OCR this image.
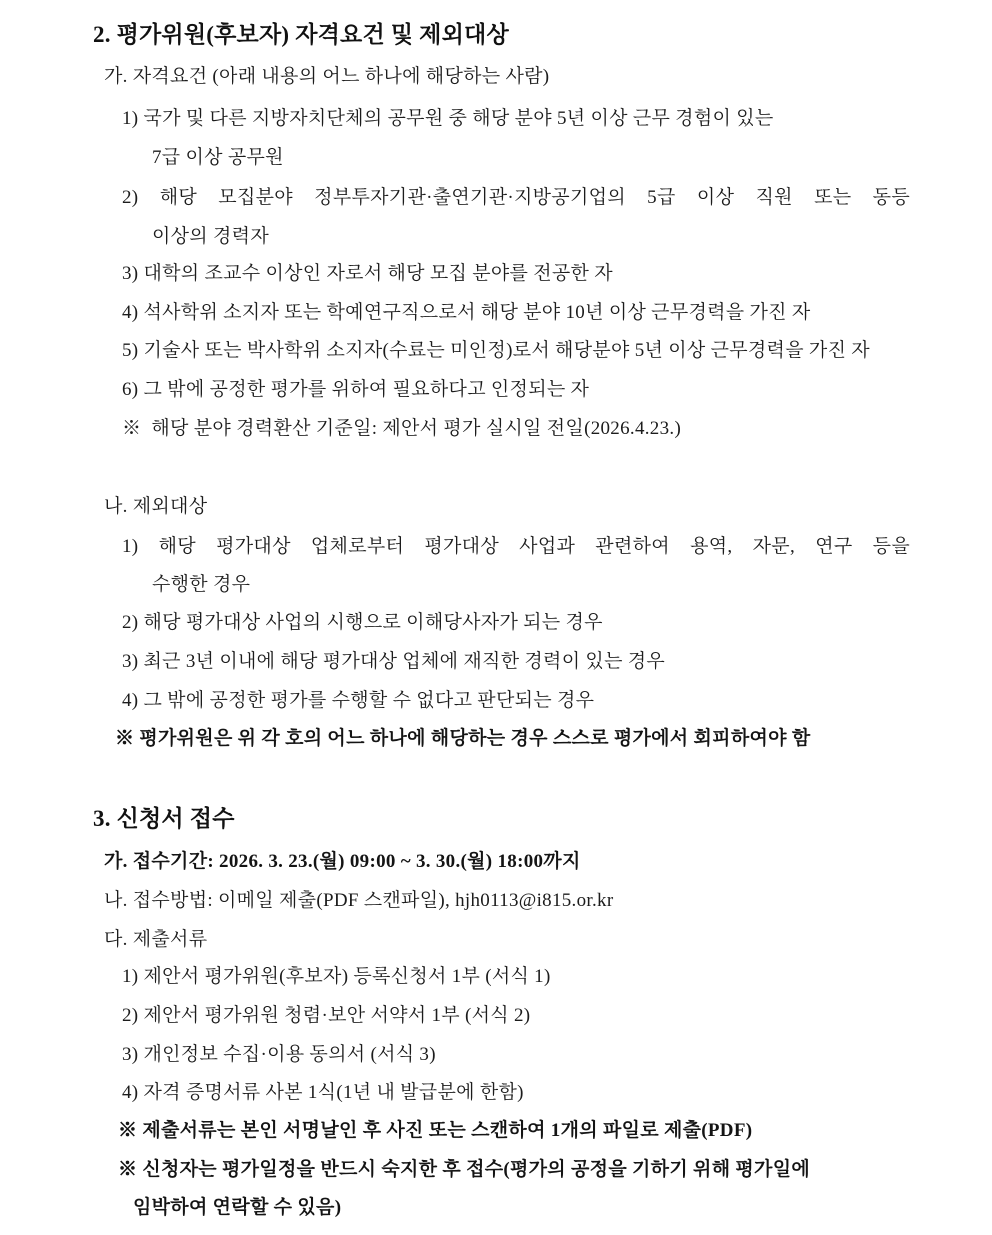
2. 평가위원(후보자) 자격요건 및 제외대상
가. 자격요건 (아래 내용의 어느 하나에 해당하는 사람)
1) 국가 및 다른 지방자치단체의 공무원 중 해당 분야 5년 이상 근무 경험이 있는
7급 이상 공무원
2) 해당 모집분야 정부투자기관·출연기관·지방공기업의 5급 이상 직원 또는 동등
이상의 경력자
3) 대학의 조교수 이상인 자로서 해당 모집 분야를 전공한 자
4) 석사학위 소지자 또는 학예연구직으로서 해당 분야 10년 이상 근무경력을 가진 자
5) 기술사 또는 박사학위 소지자(수료는 미인정)로서 해당분야 5년 이상 근무경력을 가진 자
6) 그 밖에 공정한 평가를 위하여 필요하다고 인정되는 자
※  해당 분야 경력환산 기준일: 제안서 평가 실시일 전일(2026.4.23.)
나. 제외대상
1) 해당 평가대상 업체로부터 평가대상 사업과 관련하여 용역, 자문, 연구 등을
수행한 경우
2) 해당 평가대상 사업의 시행으로 이해당사자가 되는 경우
3) 최근 3년 이내에 해당 평가대상 업체에 재직한 경력이 있는 경우
4) 그 밖에 공정한 평가를 수행할 수 없다고 판단되는 경우
※ 평가위원은 위 각 호의 어느 하나에 해당하는 경우 스스로 평가에서 회피하여야 함
3. 신청서 접수
가. 접수기간: 2026. 3. 23.(월) 09:00 ~ 3. 30.(월) 18:00까지
나. 접수방법: 이메일 제출(PDF 스캔파일), hjh0113@i815.or.kr
다. 제출서류
1) 제안서 평가위원(후보자) 등록신청서 1부 (서식 1)
2) 제안서 평가위원 청렴·보안 서약서 1부 (서식 2)
3) 개인정보 수집·이용 동의서 (서식 3)
4) 자격 증명서류 사본 1식(1년 내 발급분에 한함)
※ 제출서류는 본인 서명날인 후 사진 또는 스캔하여 1개의 파일로 제출(PDF)
※ 신청자는 평가일정을 반드시 숙지한 후 접수(평가의 공정을 기하기 위해 평가일에
임박하여 연락할 수 있음)
